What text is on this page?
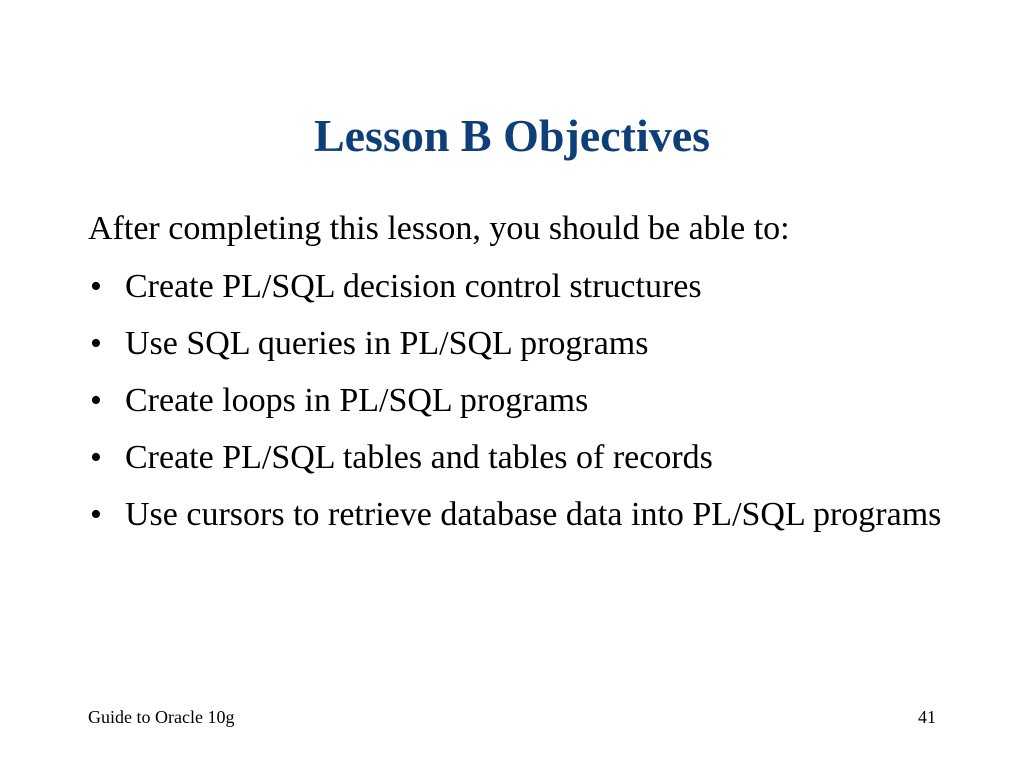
Lesson B Objectives
After completing this lesson, you should be able to:
• Create PL/SQL decision control structures
• Use SQL queries in PL/SQL programs
• Create loops in PL/SQL programs
• Create PL/SQL tables and tables of records
• Use cursors to retrieve database data into PL/SQL programs
Guide to Oracle 10g	41
